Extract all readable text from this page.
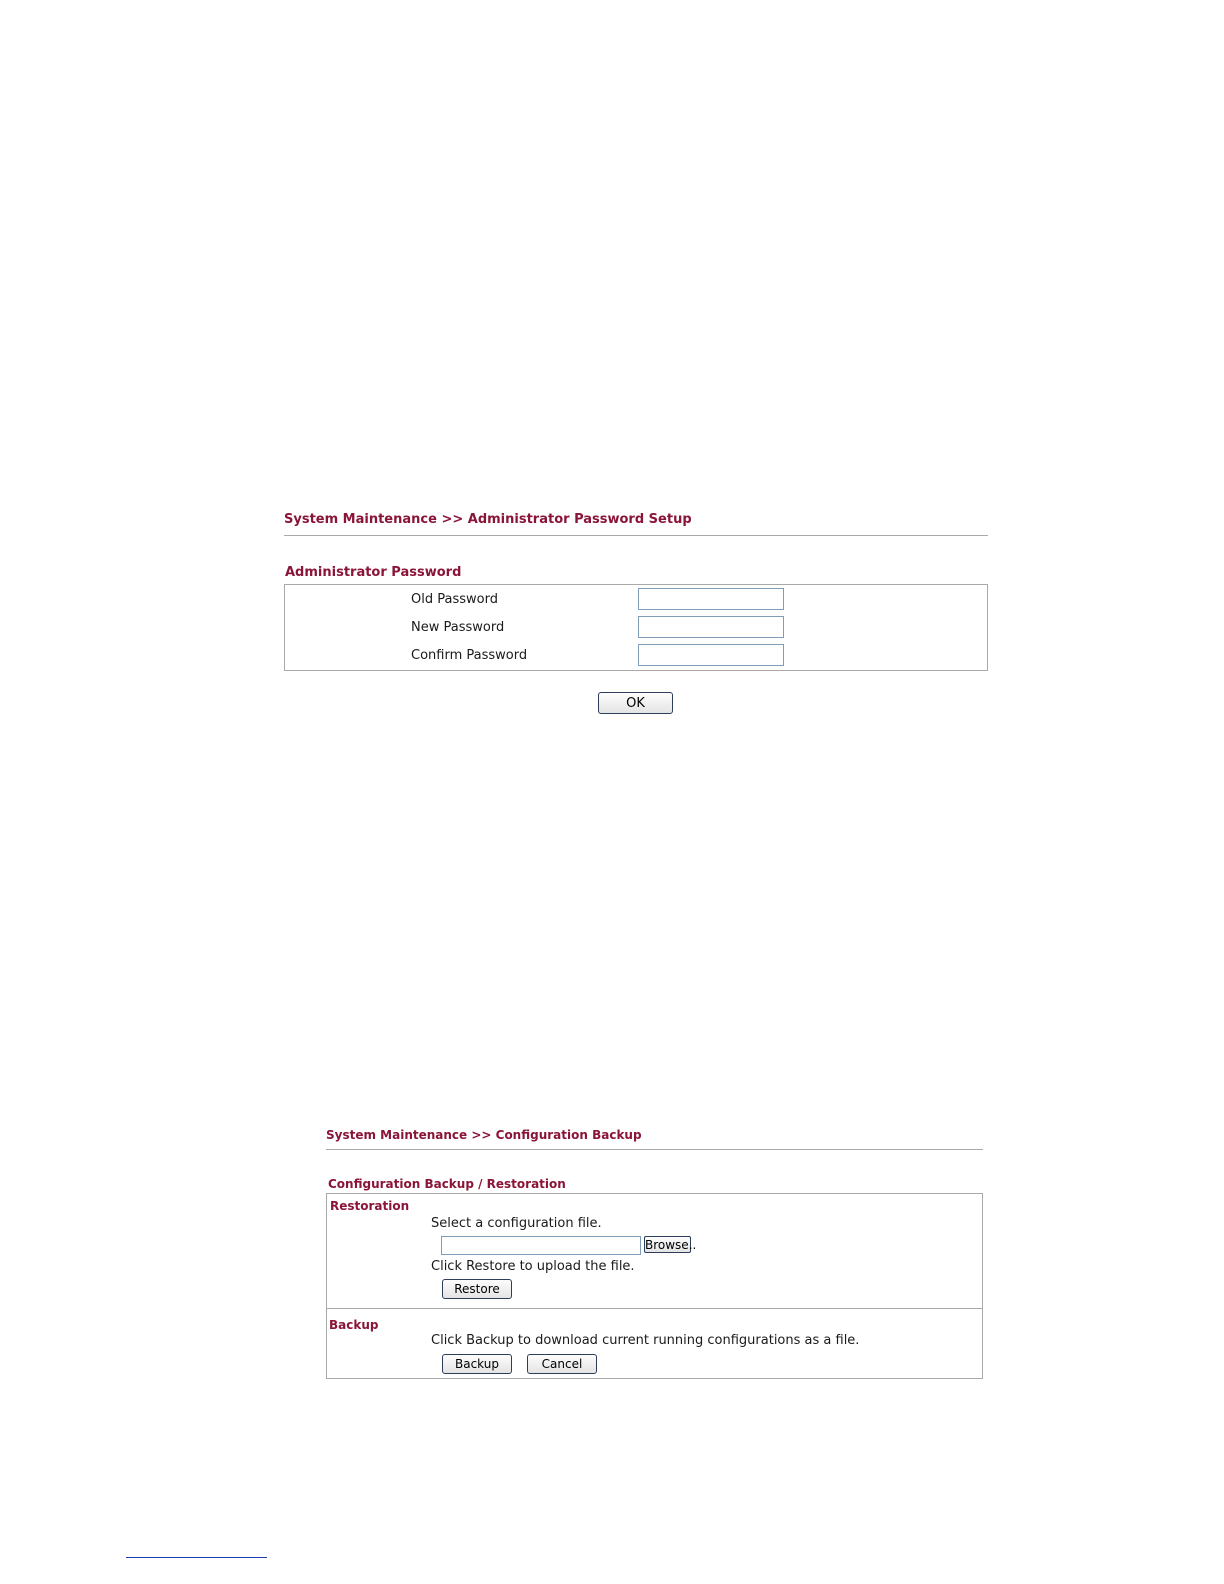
System Maintenance >> Administrator Password Setup
Administrator Password
Old Password
New Password
Confirm Password
OK
System Maintenance >> Configuration Backup
Configuration Backup / Restoration
Restoration
Select a configuration file.
Browse..
Click Restore to upload the file.
Restore
Backup
Click Backup to download current running configurations as a file.
Backup	Cancel
